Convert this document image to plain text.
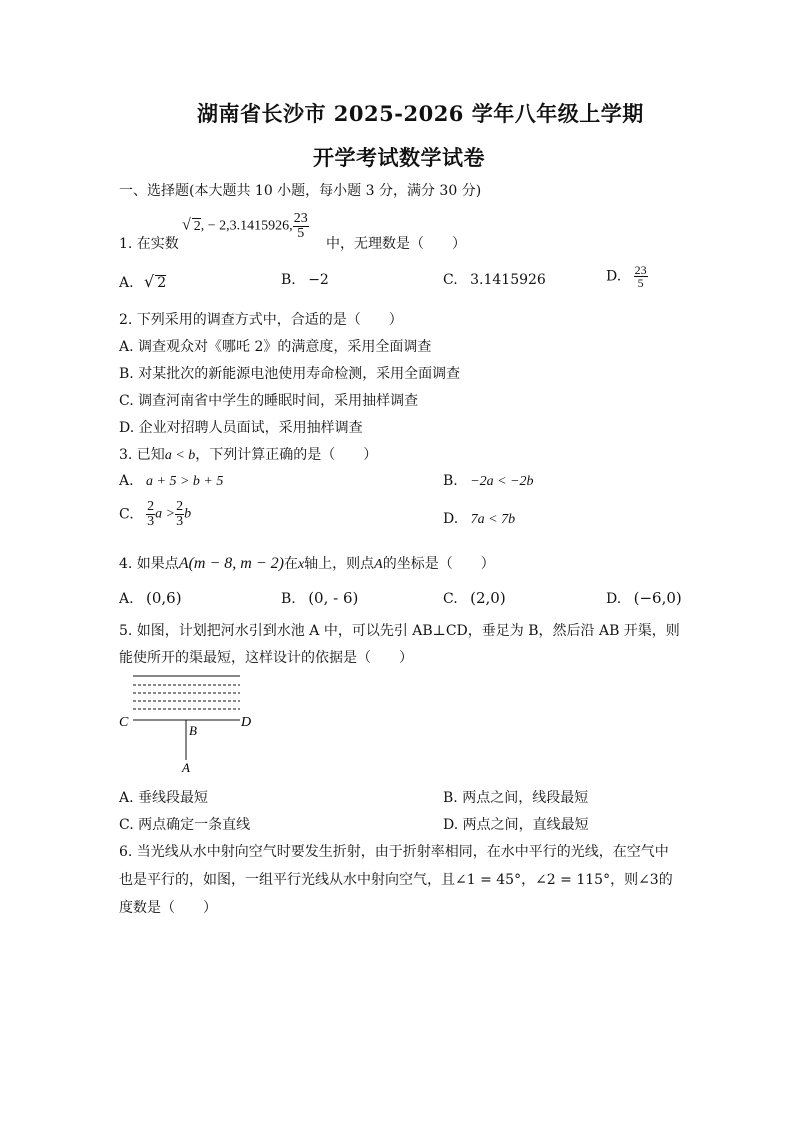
湖南省长沙市 2025-2026 学年八年级上学期
开学考试数学试卷
一、选择题(本大题共 10 小题，每小题 3 分，满分 30 分)
1. 在实数
√ 2, − 2,3.1415926, $\frac{23}{5}$
中，无理数是（　　）
A. √ 2	B. −2	C. 3.1415926	D. $\frac{23}{5}$
2. 下列采用的调查方式中，合适的是（　　）
A. 调查观众对《哪吒 2》的满意度，采用全面调查
B. 对某批次的新能源电池使用寿命检测，采用全面调查
C. 调查河南省中学生的睡眠时间，采用抽样调查
D. 企业对招聘人员面试，采用抽样调查
3. 已知a < b，下列计算正确的是（　　）
A. a + 5 > b + 5	B. −2a < −2b
C. $\frac{2}{3}$ $a > \frac{2}{3}$ b	D. 7a < 7b
4. 如果点A(m − 8, m − 2)在x轴上，则点A的坐标是（　　）
A. (0,6)	B. (0, - 6)	C. (2,0)	D. (−6,0)
5. 如图，计划把河水引到水池 A 中，可以先引 AB⊥CD，垂足为 B，然后沿 AB 开渠，则
能使所开的渠最短，这样设计的依据是（　　）
C	D
B
A
A. 垂线段最短	B. 两点之间，线段最短
C. 两点确定一条直线	D. 两点之间，直线最短
6. 当光线从水中射向空气时要发生折射，由于折射率相同，在水中平行的光线，在空气中
也是平行的，如图，一组平行光线从水中射向空气，且∠1 = 45°，∠2 = 115°，则∠3的
度数是（　　）
